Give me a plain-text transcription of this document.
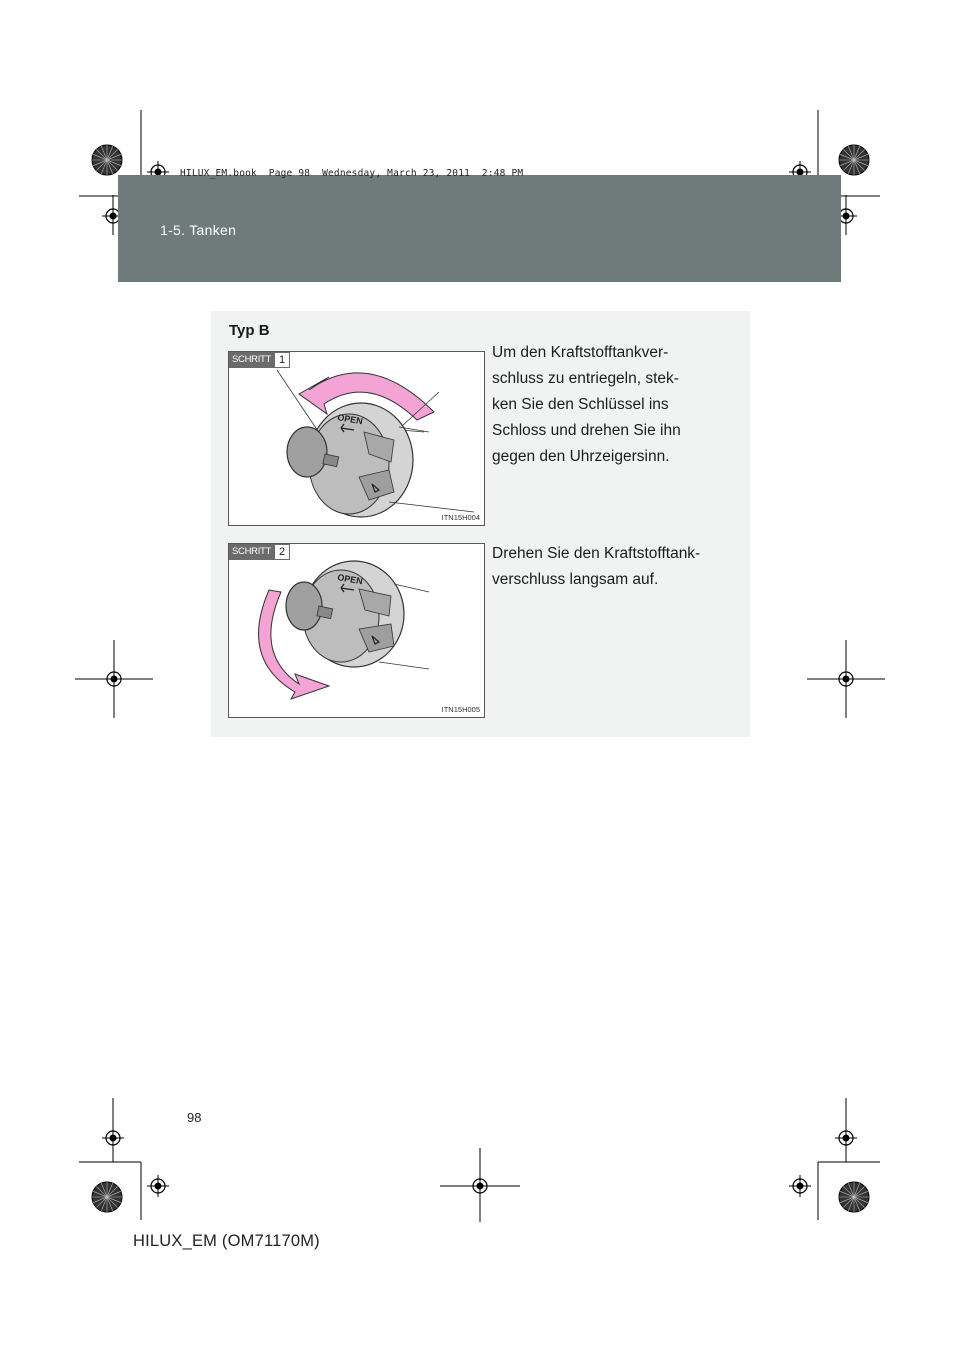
1-5. Tanken
HILUX_EM.book  Page 98  Wednesday, March 23, 2011  2:48 PM
Typ B
OPEN
SCHRITT 1
ITN15H004
Um den Kraftstofftankver-
schluss zu entriegeln, stek-
ken Sie den Schlüssel ins
Schloss und drehen Sie ihn
gegen den Uhrzeigersinn.
OPEN
SCHRITT 2
ITN15H005
Drehen Sie den Kraftstofftank-
verschluss langsam auf.
98
HILUX_EM (OM71170M)
